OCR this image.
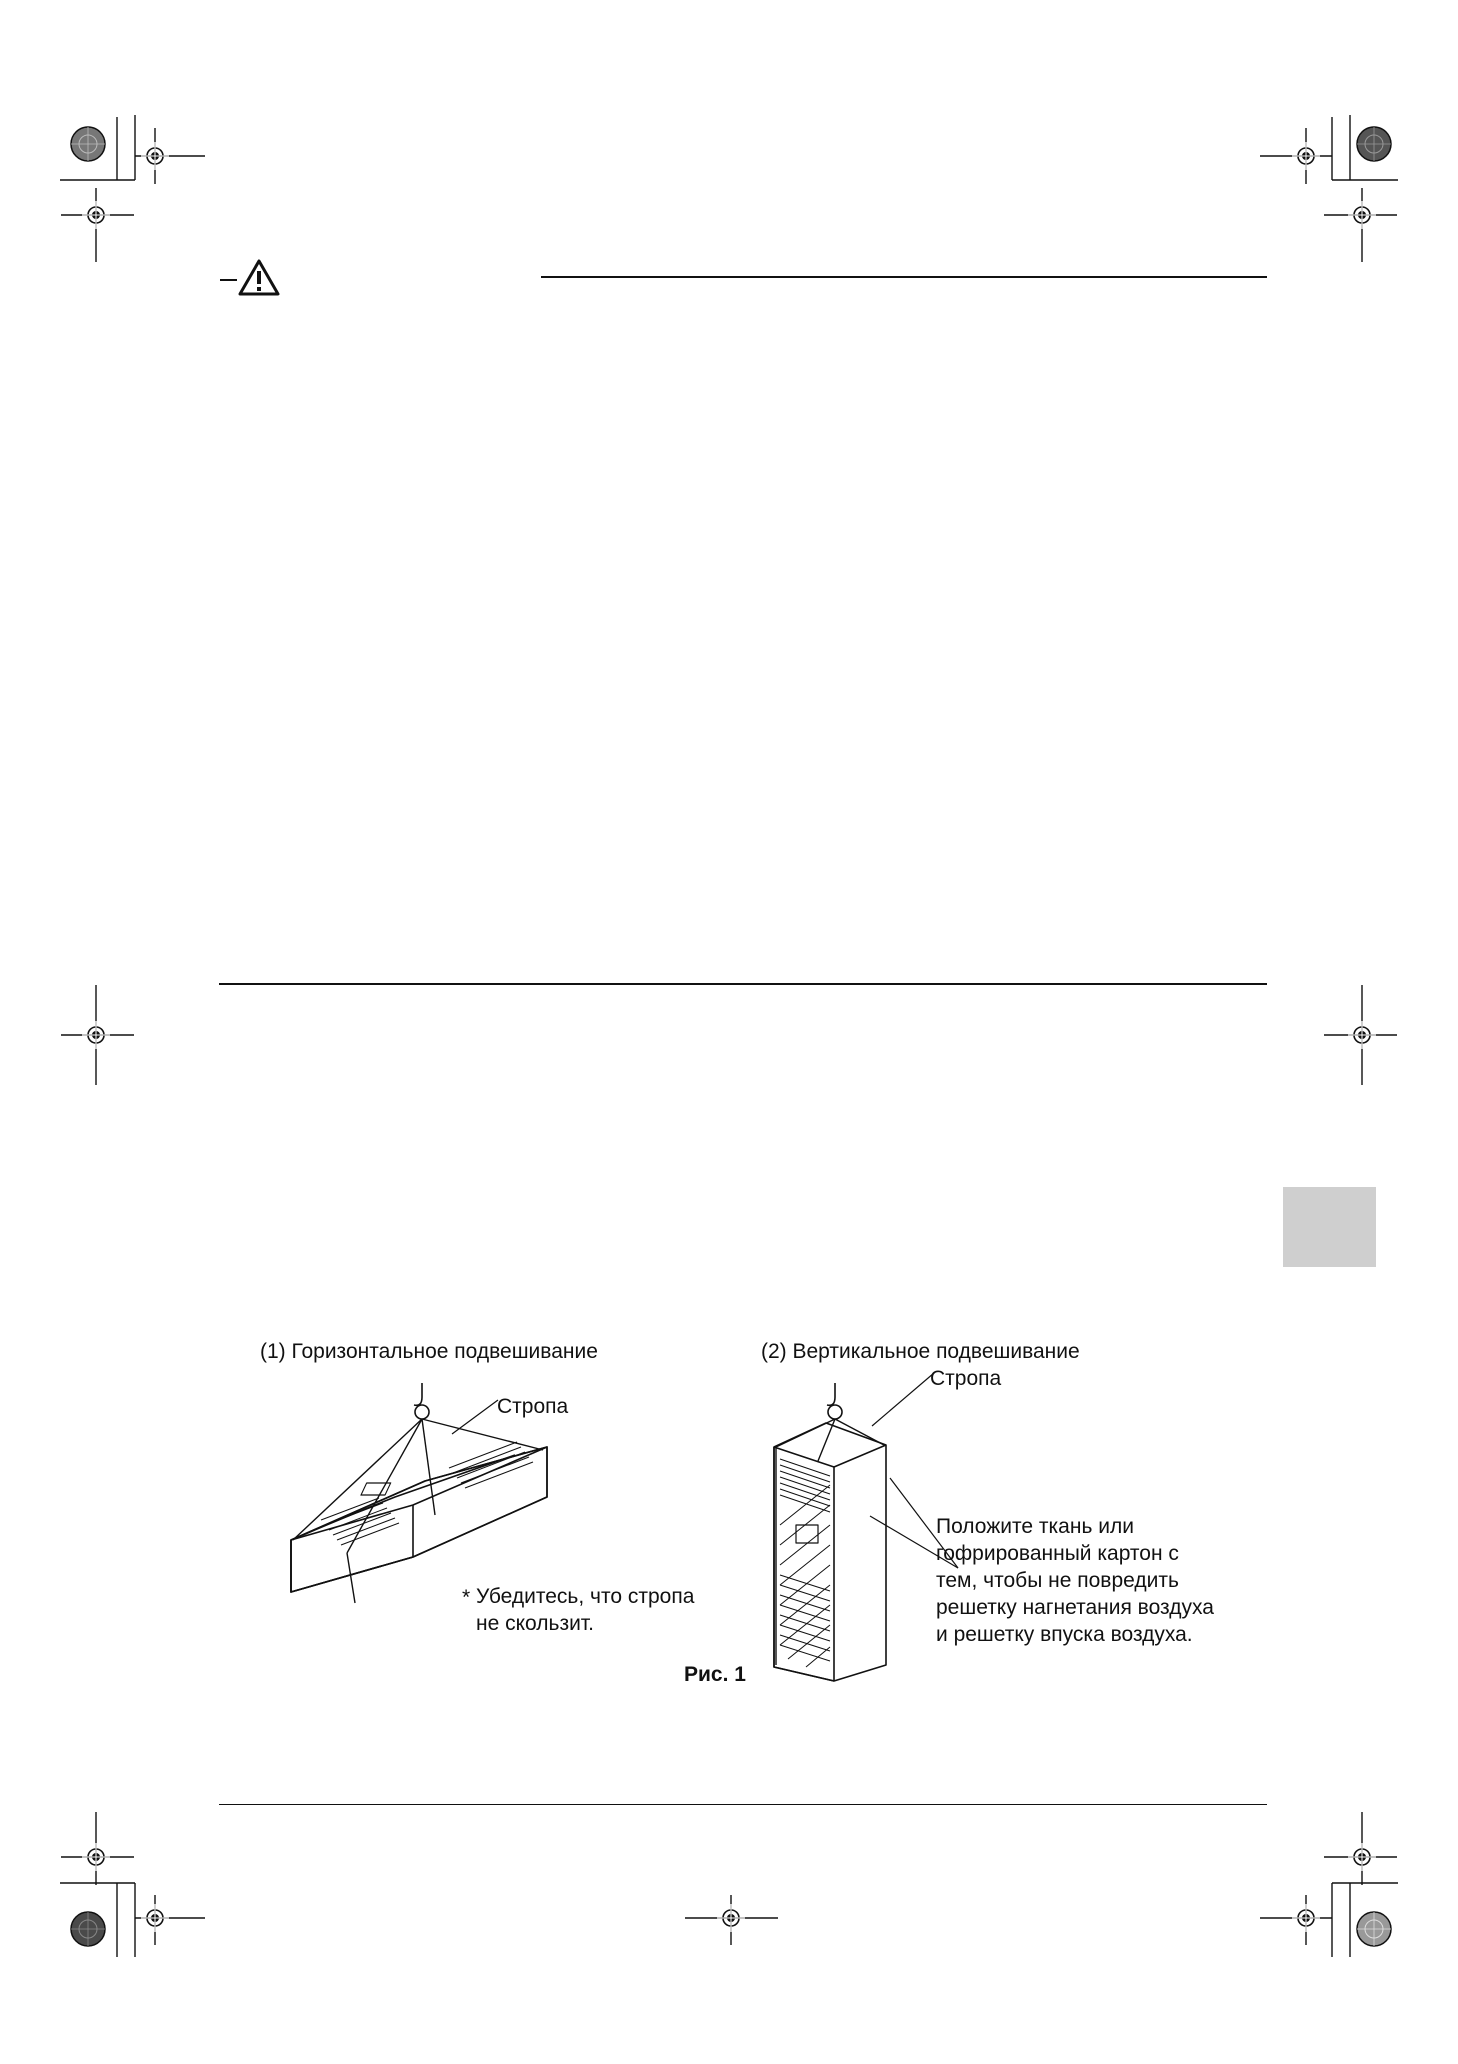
(1) Горизонтальное подвешивание	(2) Вертикальное подвешивание
Стропа
* Убедитесь, что стропа
не скользит.
Стропа
Положите ткань или
гофрированный картон с
тем, чтобы не повредить
решетку нагнетания воздуха
и решетку впуска воздуха.
Рис. 1
